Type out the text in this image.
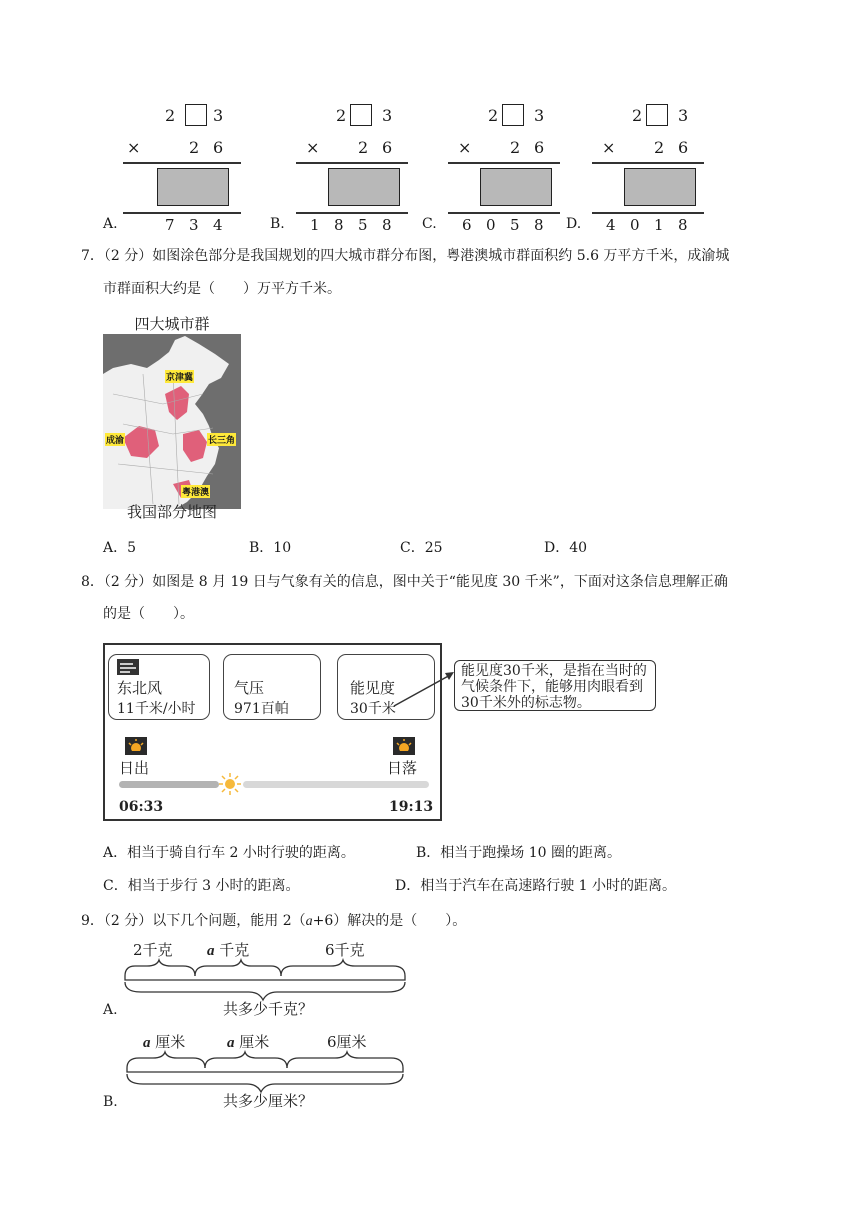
A.
2 3
×	2 6
7 3 4	B.
2 3
× 2 6
1 8 5 8 C.
2 3
× 2 6
6 0 5 8 D.
2 3
× 2 6
4 0 1 8
7．（2 分）如图涂色部分是我国规划的四大城市群分布图，粤港澳城市群面积约 5.6 万平方千米，成渝城
市群面积大约是（　　）万平方千米。
四大城市群
京津冀
成渝	长三角
粤港澳
我国部分地图
A．5	B．10	C．25	D．40
8．（2 分）如图是 8 月 19 日与气象有关的信息，图中关于“能见度 30 千米”，下面对这条信息理解正确
的是（　　）。
东北风
11千米/小时
气压
971百帕
能见度
30千米
日出	日落
06:33	19:13
能见度30千米，是指在当时的气候条件下，能够用肉眼看到30千米外的标志物。
A．相当于骑自行车 2 小时行驶的距离。	B．相当于跑操场 10 圈的距离。
C．相当于步行 3 小时的距离。	D．相当于汽车在高速路行驶 1 小时的距离。
9．（2 分）以下几个问题，能用 2（a+6）解决的是（　　）。
2千克 a 千克	6千克
A.	共多少千克？
a 厘米	a 厘米	6厘米
B.	共多少厘米？
